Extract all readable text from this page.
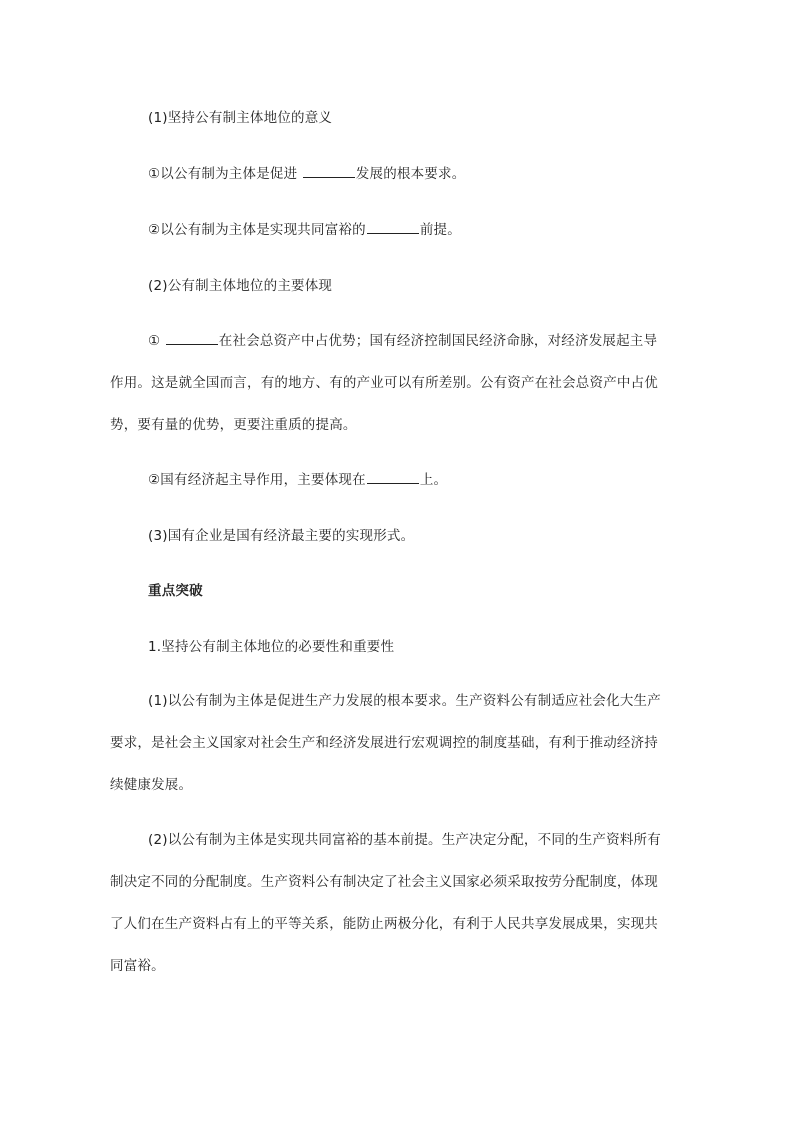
(1)坚持公有制主体地位的意义
①以公有制为主体是促进	发展的根本要求。
②以公有制为主体是实现共同富裕的	前提。
(2)公有制主体地位的主要体现
①	在社会总资产中占优势；国有经济控制国民经济命脉，对经济发展起主导
作用。这是就全国而言，有的地方、有的产业可以有所差别。公有资产在社会总资产中占优
势，要有量的优势，更要注重质的提高。
②国有经济起主导作用，主要体现在	上。
(3)国有企业是国有经济最主要的实现形式。
重点突破
1.坚持公有制主体地位的必要性和重要性
(1)以公有制为主体是促进生产力发展的根本要求。生产资料公有制适应社会化大生产
要求，是社会主义国家对社会生产和经济发展进行宏观调控的制度基础，有利于推动经济持
续健康发展。
(2)以公有制为主体是实现共同富裕的基本前提。生产决定分配，不同的生产资料所有
制决定不同的分配制度。生产资料公有制决定了社会主义国家必须采取按劳分配制度，体现
了人们在生产资料占有上的平等关系，能防止两极分化，有利于人民共享发展成果，实现共
同富裕。
